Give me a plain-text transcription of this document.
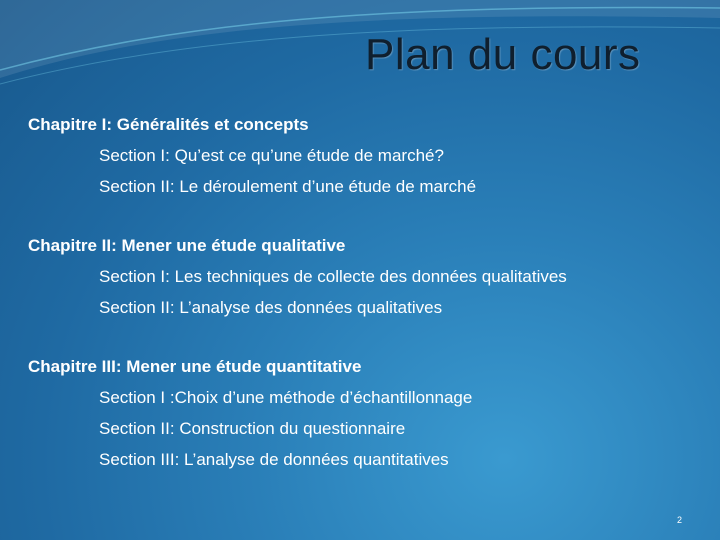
Plan du cours
Chapitre I: Généralités et concepts
Section I: Qu’est ce qu’une étude de marché?
Section II: Le déroulement d’une étude de marché
Chapitre II: Mener une étude qualitative
Section I: Les techniques de collecte des données qualitatives
Section II: L’analyse des données qualitatives
Chapitre III: Mener une étude quantitative
Section I :Choix d’une méthode d’échantillonnage
Section II: Construction du questionnaire
Section III: L’analyse de données quantitatives
2
